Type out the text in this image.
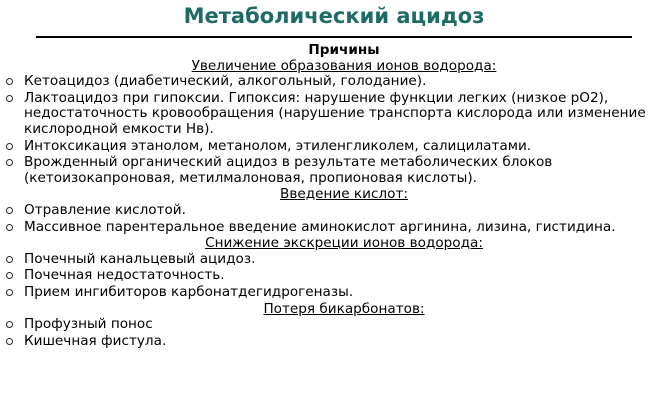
Метаболический ацидоз
Причины
Увеличение образования ионов водорода:
Кетоацидоз (диабетический, алкогольный, голодание).
Лактоацидоз при гипоксии. Гипоксия: нарушение функции легких (низкое рО2), недостаточность кровообращения (нарушение транспорта кислорода или изменение кислородной емкости Нв).
Интоксикация этанолом, метанолом, этиленгликолем, салицилатами.
Врожденный органический ацидоз в результате метаболических блоков (кетоизокапроновая, метилмалоновая, пропионовая кислоты).
Введение кислот:
Отравление кислотой.
Массивное парентеральное введение аминокислот аргинина, лизина, гистидина.
Снижение экскреции ионов водорода:
Почечный канальцевый ацидоз.
Почечная недостаточность.
Прием ингибиторов карбонатдегидрогеназы.
Потеря бикарбонатов:
Профузный понос
Кишечная фистула.
